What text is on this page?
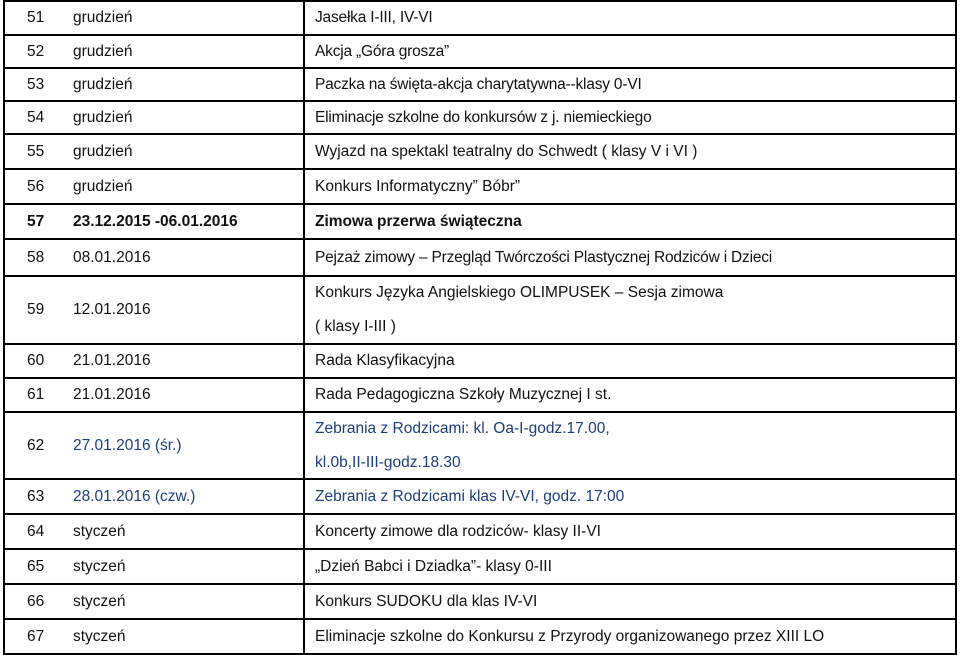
51	grudzień	Jasełka I-III, IV-VI
52	grudzień	Akcja „Góra grosza”
53	grudzień	Paczka na święta-akcja charytatywna--klasy 0-VI
54	grudzień	Eliminacje szkolne do konkursów z j. niemieckiego
55	grudzień	Wyjazd na spektakl teatralny do Schwedt ( klasy V i VI )
56	grudzień	Konkurs Informatyczny” Bóbr”
57	23.12.2015 -06.01.2016	Zimowa przerwa świąteczna
58	08.01.2016	Pejzaż zimowy – Przegląd Twórczości Plastycznej Rodziców i Dzieci
59	12.01.2016	Konkurs Języka Angielskiego OLIMPUSEK – Sesja zimowa
( klasy I-III )

60	21.01.2016	Rada Klasyfikacyjna
61	21.01.2016	Rada Pedagogiczna Szkoły Muzycznej I st.
62	27.01.2016 (śr.)	Zebrania z Rodzicami: kl. Oa-I-godz.17.00,
kl.0b,II-III-godz.18.30

63	28.01.2016 (czw.)	Zebrania z Rodzicami klas IV-VI, godz. 17:00
64	styczeń	Koncerty zimowe dla rodziców- klasy II-VI
65	styczeń	„Dzień Babci i Dziadka”- klasy 0-III
66	styczeń	Konkurs SUDOKU dla klas IV-VI
67	styczeń	Eliminacje szkolne do Konkursu z Przyrody organizowanego przez XIII LO
